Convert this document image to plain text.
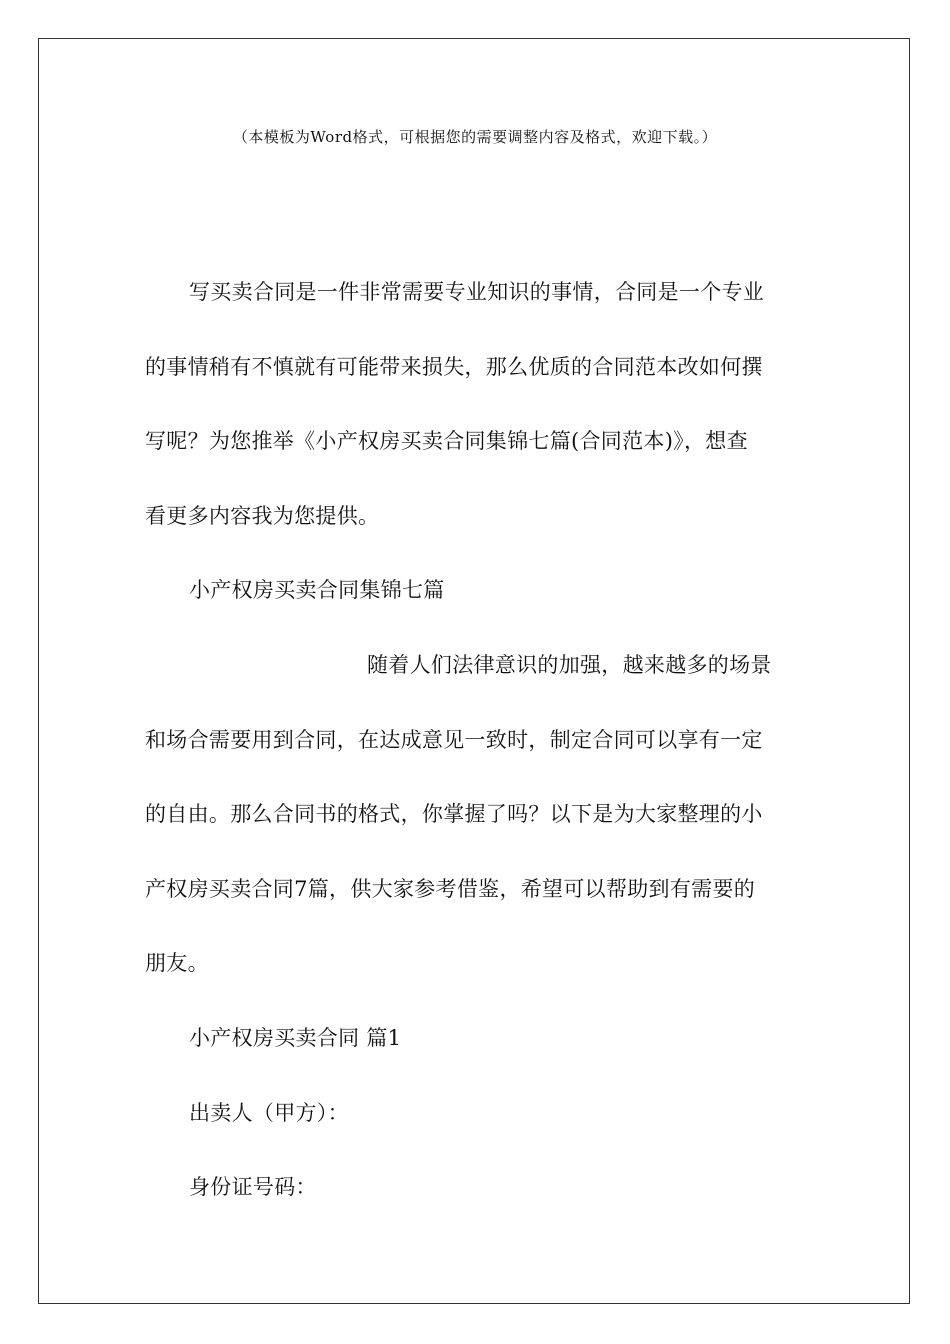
（本模板为Word格式，可根据您的需要调整内容及格式，欢迎下载。）
写买卖合同是一件非常需要专业知识的事情，合同是一个专业
的事情稍有不慎就有可能带来损失，那么优质的合同范本改如何撰
写呢？为您推举《小产权房买卖合同集锦七篇(合同范本)》，想查
看更多内容我为您提供。
小产权房买卖合同集锦七篇
随着人们法律意识的加强，越来越多的场景
和场合需要用到合同，在达成意见一致时，制定合同可以享有一定
的自由。那么合同书的格式，你掌握了吗？以下是为大家整理的小
产权房买卖合同7篇，供大家参考借鉴，希望可以帮助到有需要的
朋友。
小产权房买卖合同 篇1
出卖人（甲方）：
身份证号码：
